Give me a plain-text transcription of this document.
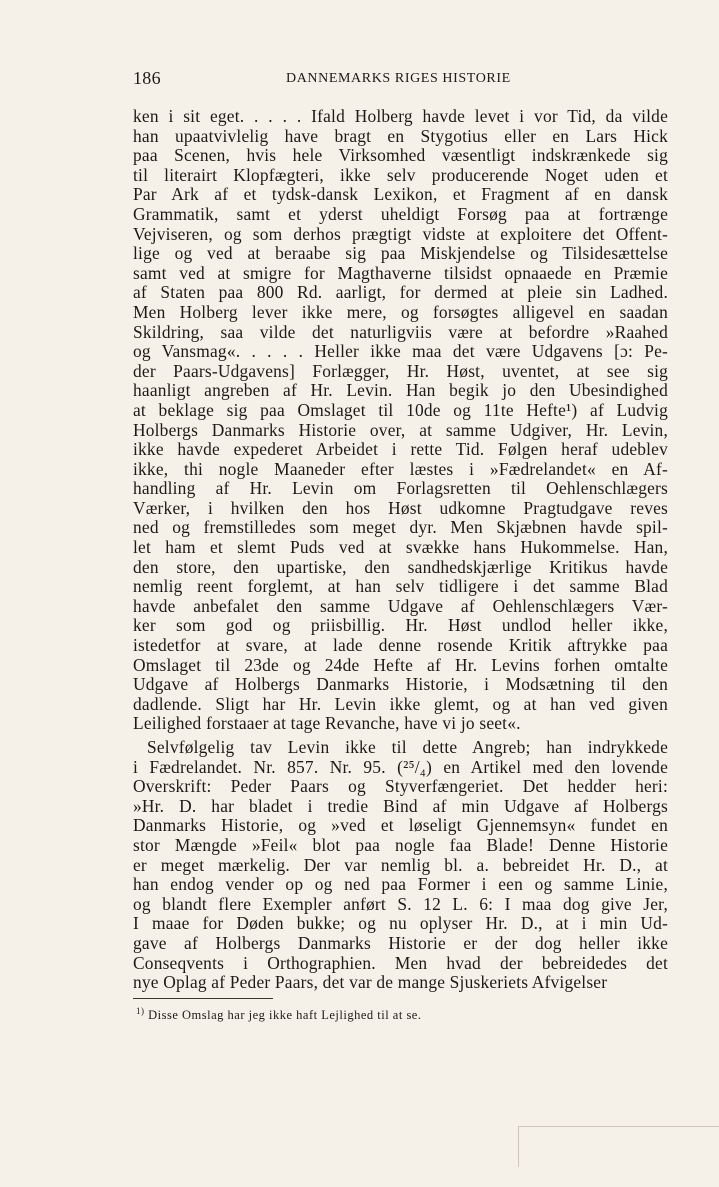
186	DANNEMARKS RIGES HISTORIE

ken i sit eget. . . . . Ifald Holberg havde levet i vor Tid, da vilde
han upaatvivlelig have bragt en Stygotius eller en Lars Hick
paa Scenen, hvis hele Virksomhed væsentligt indskrænkede sig
til literairt Klopfægteri, ikke selv producerende Noget uden et
Par Ark af et tydsk-dansk Lexikon, et Fragment af en dansk
Grammatik, samt et yderst uheldigt Forsøg paa at fortrænge
Vejviseren, og som derhos prægtigt vidste at exploitere det Offent-
lige og ved at beraabe sig paa Miskjendelse og Tilsidesættelse
samt ved at smigre for Magthaverne tilsidst opnaaede en Præmie
af Staten paa 800 Rd. aarligt, for dermed at pleie sin Ladhed.
Men Holberg lever ikke mere, og forsøgtes alligevel en saadan
Skildring, saa vilde det naturligviis være at befordre »Raahed
og Vansmag«. . . . . Heller ikke maa det være Udgavens [ɔ: Pe-
der Paars-Udgavens] Forlægger, Hr. Høst, uventet, at see sig
haanligt angreben af Hr. Levin. Han begik jo den Ubesindighed
at beklage sig paa Omslaget til 10de og 11te Hefte¹) af Ludvig
Holbergs Danmarks Historie over, at samme Udgiver, Hr. Levin,
ikke havde expederet Arbeidet i rette Tid. Følgen heraf udeblev
ikke, thi nogle Maaneder efter læstes i »Fædrelandet« en Af-
handling af Hr. Levin om Forlagsretten til Oehlenschlægers
Værker, i hvilken den hos Høst udkomne Pragtudgave reves
ned og fremstilledes som meget dyr. Men Skjæbnen havde spil-
let ham et slemt Puds ved at svække hans Hukommelse. Han,
den store, den upartiske, den sandhedskjærlige Kritikus havde
nemlig reent forglemt, at han selv tidligere i det samme Blad
havde anbefalet den samme Udgave af Oehlenschlægers Vær-
ker som god og priisbillig. Hr. Høst undlod heller ikke,
istedetfor at svare, at lade denne rosende Kritik aftrykke paa
Omslaget til 23de og 24de Hefte af Hr. Levins forhen omtalte
Udgave af Holbergs Danmarks Historie, i Modsætning til den
dadlende. Sligt har Hr. Levin ikke glemt, og at han ved given
Leilighed forstaaer at tage Revanche, have vi jo seet«.

Selvfølgelig tav Levin ikke til dette Angreb; han indrykkede
i Fædrelandet. Nr. 857. Nr. 95. (²⁵/₄) en Artikel med den lovende
Overskrift: Peder Paars og Styverfængeriet. Det hedder heri:
»Hr. D. har bladet i tredie Bind af min Udgave af Holbergs
Danmarks Historie, og »ved et løseligt Gjennemsyn« fundet en
stor Mængde »Feil« blot paa nogle faa Blade! Denne Historie
er meget mærkelig. Der var nemlig bl. a. bebreidet Hr. D., at
han endog vender op og ned paa Former i een og samme Linie,
og blandt flere Exempler anført S. 12 L. 6: I maa dog give Jer,
I maae for Døden bukke; og nu oplyser Hr. D., at i min Ud-
gave af Holbergs Danmarks Historie er der dog heller ikke
Conseqvents i Orthographien. Men hvad der bebreidedes det
nye Oplag af Peder Paars, det var de mange Sjuskeriets Afvigelser

$^{1)}$ Disse Omslag har jeg ikke haft Lejlighed til at se.
